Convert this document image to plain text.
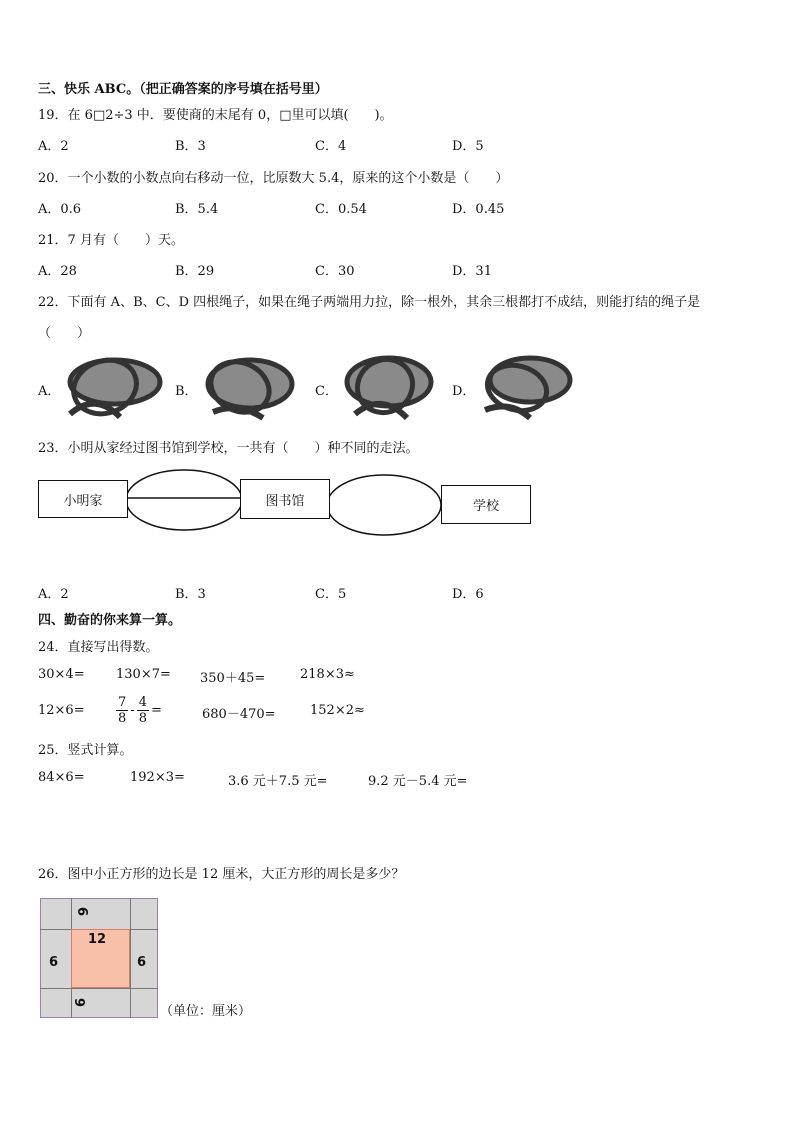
三、快乐 ABC。（把正确答案的序号填在括号里）
19．在 6□2÷3 中．要使商的末尾有 0，□里可以填(　　)。
A．2	B．3	C．4	D．5
20．一个小数的小数点向右移动一位，比原数大 5.4，原来的这个小数是（　　）
A．0.6	B．5.4	C．0.54	D．0.45
21．7 月有（　　）天。
A．28	B．29	C．30	D．31
22．下面有 A、B、C、D 四根绳子，如果在绳子两端用力拉，除一根外，其余三根都打不成结，则能打结的绳子是
（　　）
A．	B．	C．	D．
23．小明从家经过图书馆到学校，一共有（　　）种不同的走法。
小明家	图书馆	学校
A．2	B．3	C．5	D．6
四、勤奋的你来算一算。
24．直接写出得数。
30×4= 130×7= 350＋45=	218×3≈
$12\times 6= \frac{7}{8} - \frac{4}{8}$ =	680－470=	152×2≈
25．竖式计算。
84×6=	192×3=	3.6 元＋7.5 元=	9.2 元－5.4 元=
26．图中小正方形的边长是 12 厘米，大正方形的周长是多少？
12
6
6
6	6
（单位：厘米）
